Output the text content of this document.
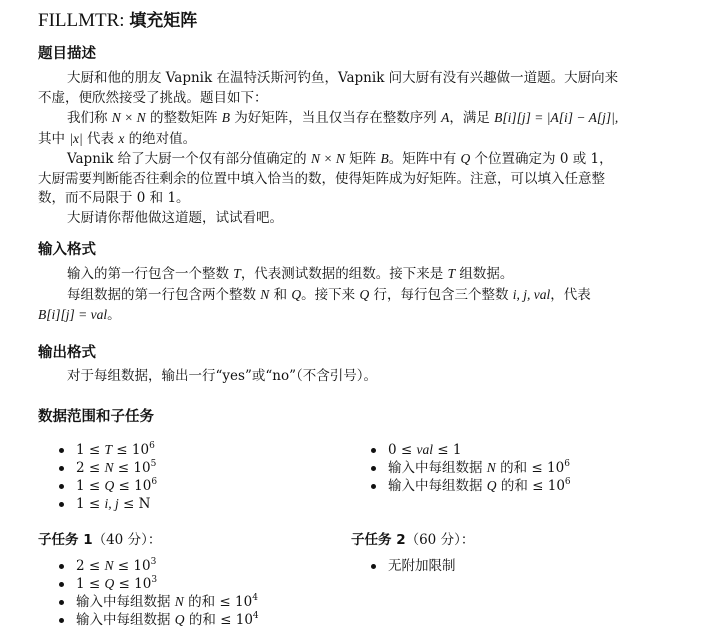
FILLMTR: 填充矩阵
题目描述
大厨和他的朋友 Vapnik 在温特沃斯河钓鱼，Vapnik 问大厨有没有兴趣做一道题。大厨向来
不虚，便欣然接受了挑战。题目如下：
我们称 N × N 的整数矩阵 B 为好矩阵，当且仅当存在整数序列 A，满足 B[i][j] = |A[i] − A[j]|,
其中 |x| 代表 x 的绝对值。
Vapnik 给了大厨一个仅有部分值确定的 N × N 矩阵 B。矩阵中有 Q 个位置确定为 0 或 1，
大厨需要判断能否往剩余的位置中填入恰当的数，使得矩阵成为好矩阵。注意，可以填入任意整
数，而不局限于 0 和 1。
大厨请你帮他做这道题，试试看吧。
输入格式
输入的第一行包含一个整数 T，代表测试数据的组数。接下来是 T 组数据。
每组数据的第一行包含两个整数 N 和 Q。接下来 Q 行，每行包含三个整数 i, j, val，代表
B[i][j] = val。
输出格式
对于每组数据，输出一行“yes”或“no”（不含引号）。
数据范围和子任务
$1 \le T \le 10^6$
$2 \le N \le 10^5$
$1 \le Q \le 10^6$
1 ≤ i, j ≤ N
0 ≤ val ≤ 1
输入中每组数据 N 的和 ≤ $10^6$
输入中每组数据 Q 的和 ≤ $10^6$
子任务 1（40 分）：	子任务 2（60 分）：
$2 \le N \le 10^3$
$1 \le Q \le 10^3$
输入中每组数据 N 的和 ≤ $10^4$
输入中每组数据 Q 的和 ≤ $10^4$
无附加限制
